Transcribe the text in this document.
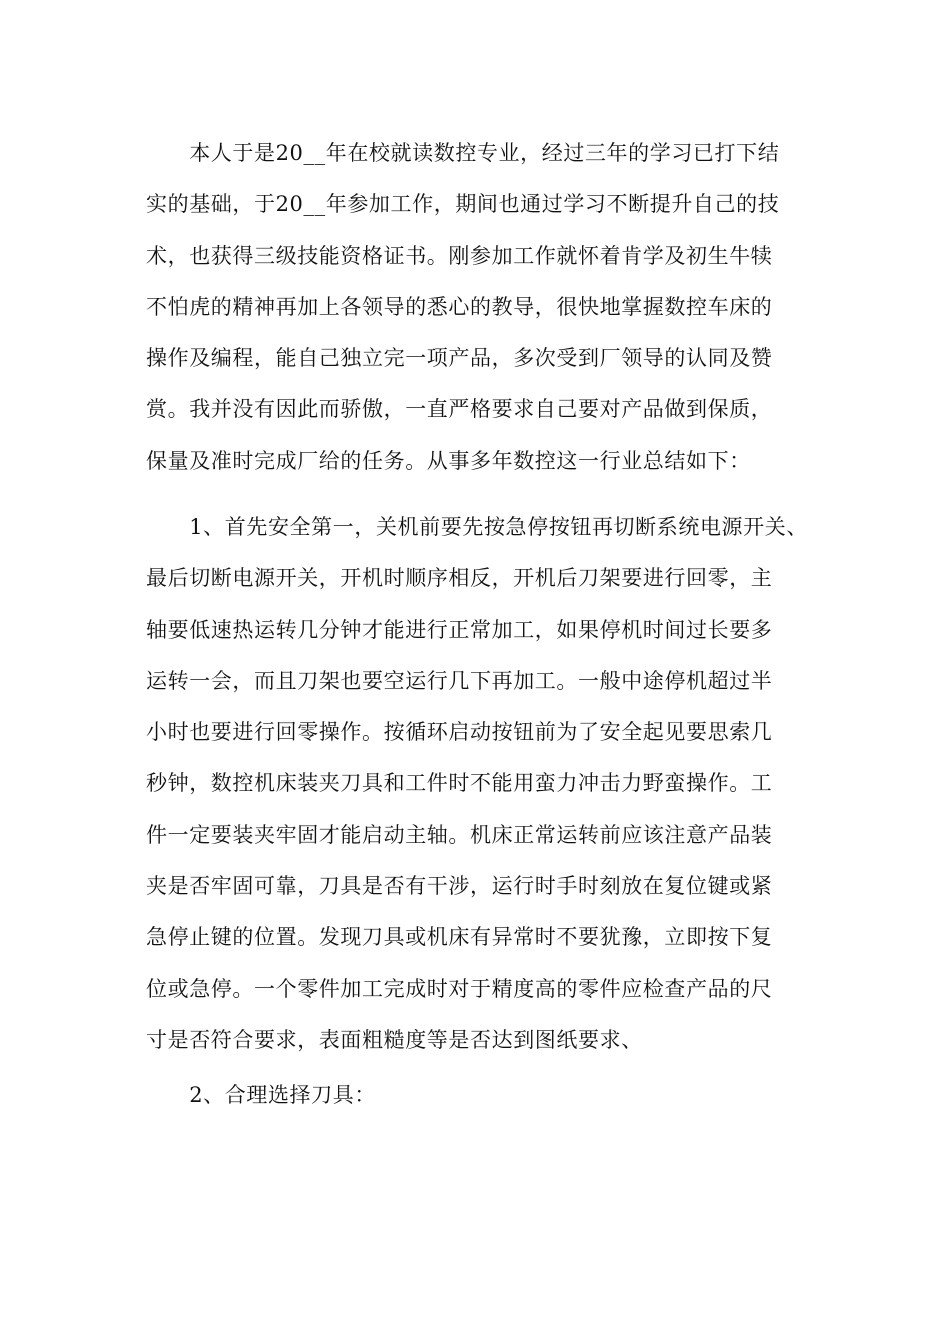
　　本人于是20__年在校就读数控专业，经过三年的学习已打下结
实的基础，于20__年参加工作，期间也通过学习不断提升自己的技
术，也获得三级技能资格证书。刚参加工作就怀着肯学及初生牛犊
不怕虎的精神再加上各领导的悉心的教导，很快地掌握数控车床的
操作及编程，能自己独立完一项产品，多次受到厂领导的认同及赞
赏。我并没有因此而骄傲，一直严格要求自己要对产品做到保质，
保量及准时完成厂给的任务。从事多年数控这一行业总结如下：

　　1、首先安全第一，关机前要先按急停按钮再切断系统电源开关、
最后切断电源开关，开机时顺序相反，开机后刀架要进行回零，主
轴要低速热运转几分钟才能进行正常加工，如果停机时间过长要多
运转一会，而且刀架也要空运行几下再加工。一般中途停机超过半
小时也要进行回零操作。按循环启动按钮前为了安全起见要思索几
秒钟，数控机床装夹刀具和工件时不能用蛮力冲击力野蛮操作。工
件一定要装夹牢固才能启动主轴。机床正常运转前应该注意产品装
夹是否牢固可靠，刀具是否有干涉，运行时手时刻放在复位键或紧
急停止键的位置。发现刀具或机床有异常时不要犹豫，立即按下复
位或急停。一个零件加工完成时对于精度高的零件应检查产品的尺
寸是否符合要求，表面粗糙度等是否达到图纸要求、

　　2、合理选择刀具：
